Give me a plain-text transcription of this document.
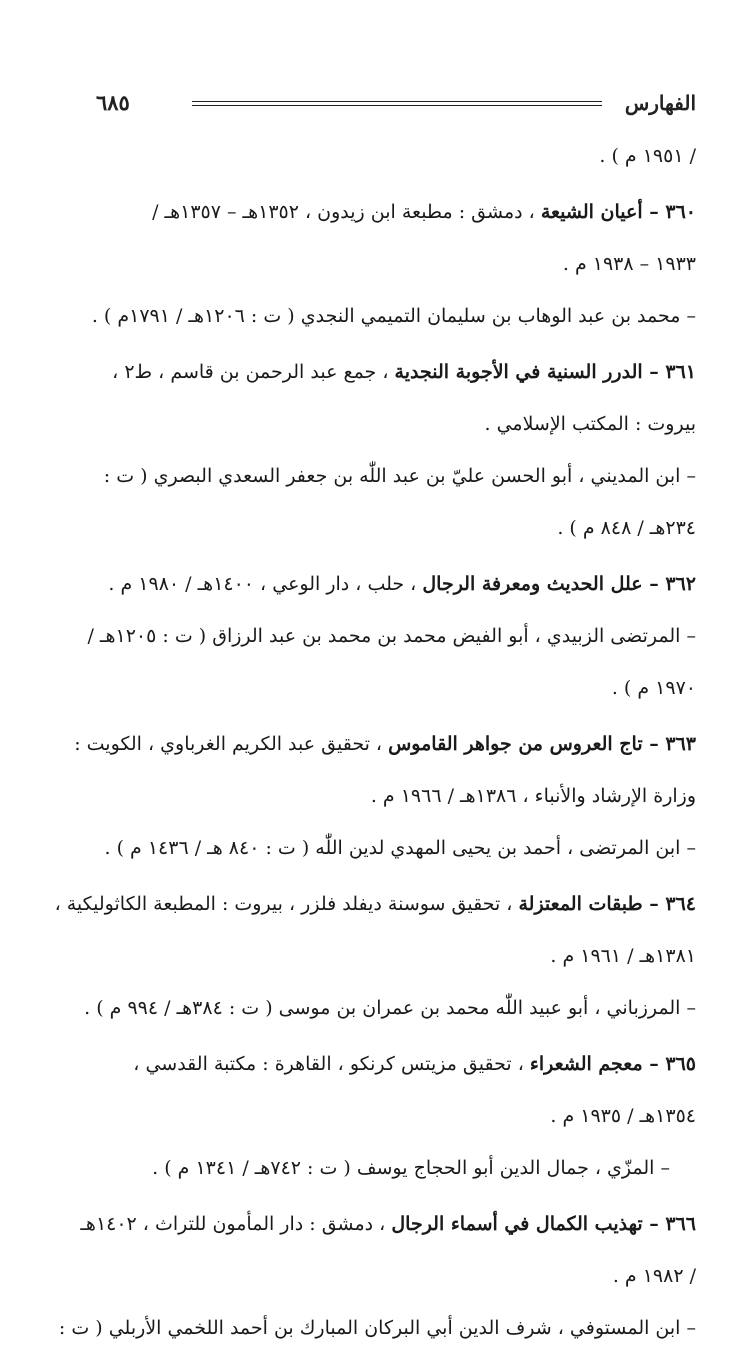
الفهارس
٦٨٥
/ ١٩٥١ م ) .
٣٦٠ – أعيان الشيعة ، دمشق : مطبعة ابن زيدون ، ١٣٥٢هـ – ١٣٥٧هـ /
١٩٣٣ – ١٩٣٨ م .
– محمد بن عبد الوهاب بن سليمان التميمي النجدي ( ت : ١٢٠٦هـ / ١٧٩١م ) .
٣٦١ – الدرر السنية في الأجوبة النجدية ، جمع عبد الرحمن بن قاسم ، ط٢ ،
بيروت : المكتب الإسلامي .
– ابن المديني ، أبو الحسن عليّ بن عبد اللّٰه بن جعفر السعدي البصري ( ت :
٢٣٤هـ / ٨٤٨ م ) .
٣٦٢ – علل الحديث ومعرفة الرجال ، حلب ، دار الوعي ، ١٤٠٠هـ / ١٩٨٠ م .
– المرتضى الزبيدي ، أبو الفيض محمد بن محمد بن عبد الرزاق ( ت : ١٢٠٥هـ /
١٩٧٠ م ) .
٣٦٣ – تاج العروس من جواهر القاموس ، تحقيق عبد الكريم الغرباوي ، الكويت :
وزارة الإرشاد والأنباء ، ١٣٨٦هـ / ١٩٦٦ م .
– ابن المرتضى ، أحمد بن يحيى المهدي لدين اللّٰه ( ت : ٨٤٠ هـ / ١٤٣٦ م ) .
٣٦٤ – طبقات المعتزلة ، تحقيق سوسنة ديفلد فلزر ، بيروت : المطبعة الكاثوليكية ،
١٣٨١هـ / ١٩٦١ م .
– المرزباني ، أبو عبيد اللّٰه محمد بن عمران بن موسى ( ت : ٣٨٤هـ / ٩٩٤ م ) .
٣٦٥ – معجم الشعراء ، تحقيق مزيتس كرنكو ، القاهرة : مكتبة القدسي ،
١٣٥٤هـ / ١٩٣٥ م .
– المزّي ، جمال الدين أبو الحجاج يوسف ( ت : ٧٤٢هـ / ١٣٤١ م ) .
٣٦٦ – تهذيب الكمال في أسماء الرجال ، دمشق : دار المأمون للتراث ، ١٤٠٢هـ
/ ١٩٨٢ م .
– ابن المستوفي ، شرف الدين أبي البركان المبارك بن أحمد اللخمي الأربلي ( ت :
